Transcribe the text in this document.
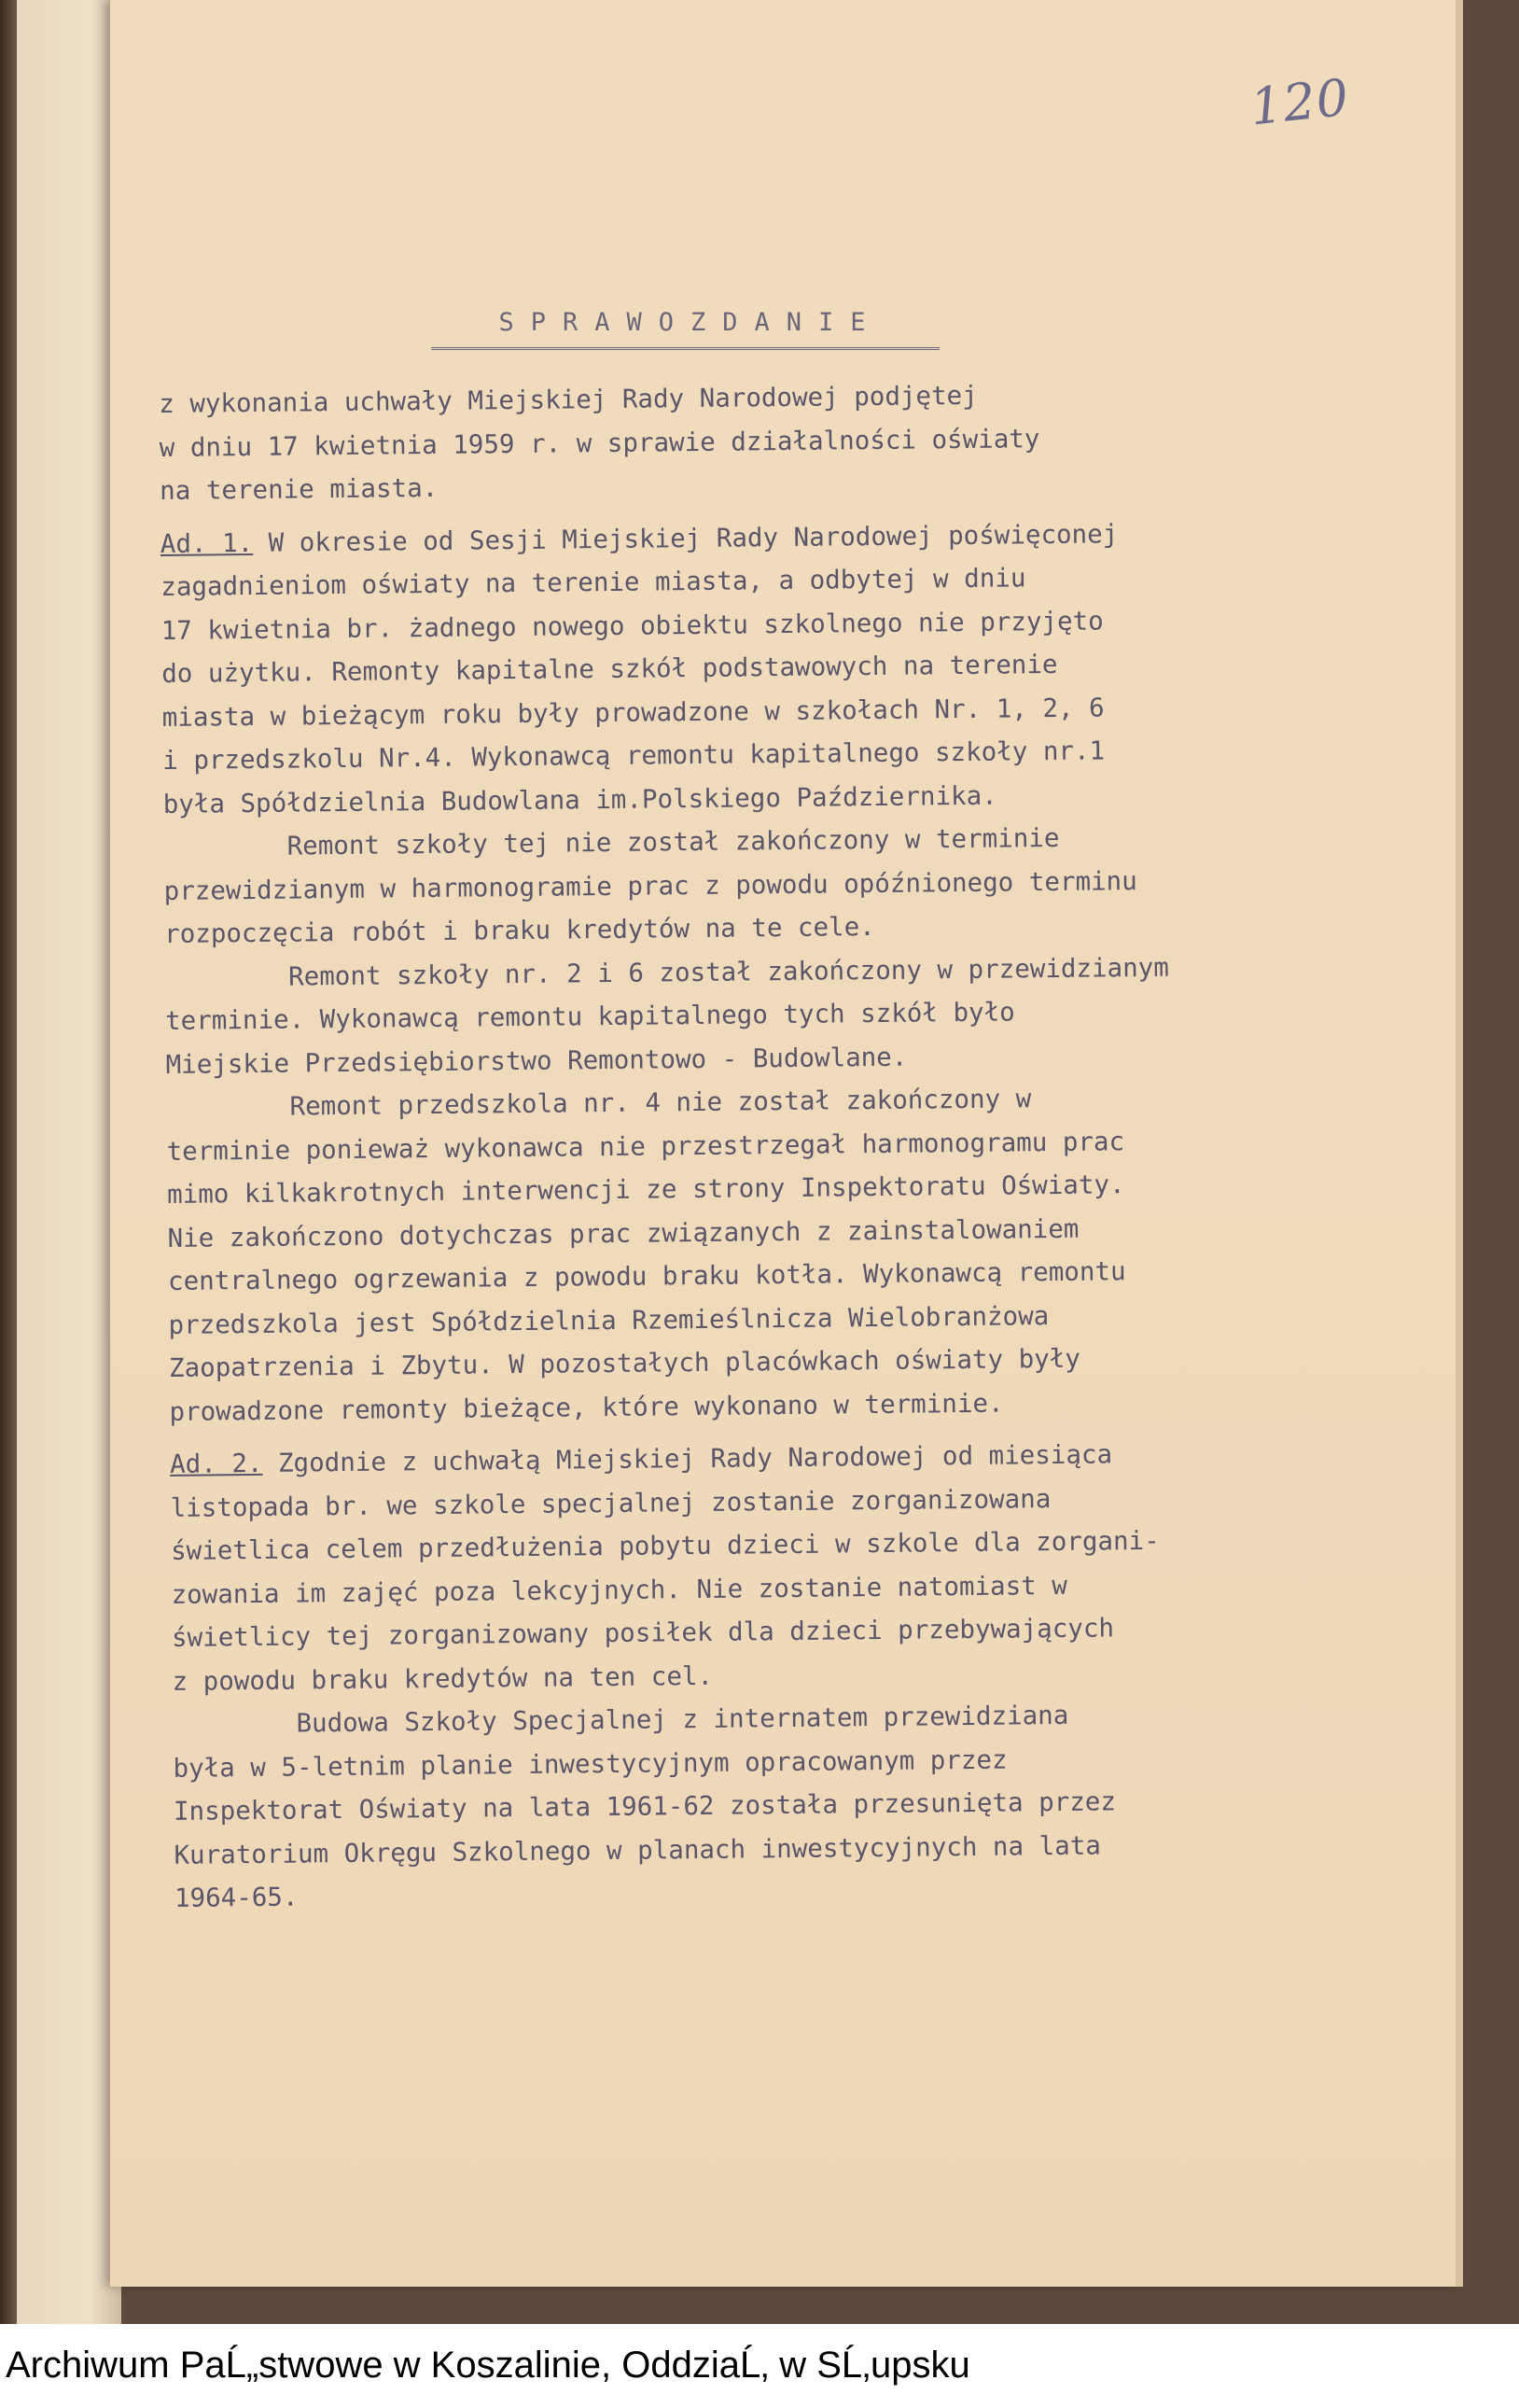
120
SPRAWOZDANIE
z wykonania uchwały Miejskiej Rady Narodowej podjętej
w dniu 17 kwietnia 1959 r. w sprawie działalności oświaty
na terenie miasta.
Ad. 1. W okresie od Sesji Miejskiej Rady Narodowej poświęconej
zagadnieniom oświaty na terenie miasta, a odbytej w dniu
17 kwietnia br. żadnego nowego obiektu szkolnego nie przyjęto
do użytku. Remonty kapitalne szkół podstawowych na terenie
miasta w bieżącym roku były prowadzone w szkołach Nr. 1, 2, 6
i przedszkolu Nr.4. Wykonawcą remontu kapitalnego szkoły nr.1
była Spółdzielnia Budowlana im.Polskiego Października.
Remont szkoły tej nie został zakończony w terminie
przewidzianym w harmonogramie prac z powodu opóźnionego terminu
rozpoczęcia robót i braku kredytów na te cele.
Remont szkoły nr. 2 i 6 został zakończony w przewidzianym
terminie. Wykonawcą remontu kapitalnego tych szkół było
Miejskie Przedsiębiorstwo Remontowo - Budowlane.
Remont przedszkola nr. 4 nie został zakończony w
terminie ponieważ wykonawca nie przestrzegał harmonogramu prac
mimo kilkakrotnych interwencji ze strony Inspektoratu Oświaty.
Nie zakończono dotychczas prac związanych z zainstalowaniem
centralnego ogrzewania z powodu braku kotła. Wykonawcą remontu
przedszkola jest Spółdzielnia Rzemieślnicza Wielobranżowa
Zaopatrzenia i Zbytu. W pozostałych placówkach oświaty były
prowadzone remonty bieżące, które wykonano w terminie.
Ad. 2. Zgodnie z uchwałą Miejskiej Rady Narodowej od miesiąca
listopada br. we szkole specjalnej zostanie zorganizowana
świetlica celem przedłużenia pobytu dzieci w szkole dla zorgani-
zowania im zajęć poza lekcyjnych. Nie zostanie natomiast w
świetlicy tej zorganizowany posiłek dla dzieci przebywających
z powodu braku kredytów na ten cel.
Budowa Szkoły Specjalnej z internatem przewidziana
była w 5-letnim planie inwestycyjnym opracowanym przez
Inspektorat Oświaty na lata 1961-62 została przesunięta przez
Kuratorium Okręgu Szkolnego w planach inwestycyjnych na lata
1964-65.
Archiwum PaĹ„stwowe w Koszalinie, OddziaĹ‚ w SĹ‚upsku
